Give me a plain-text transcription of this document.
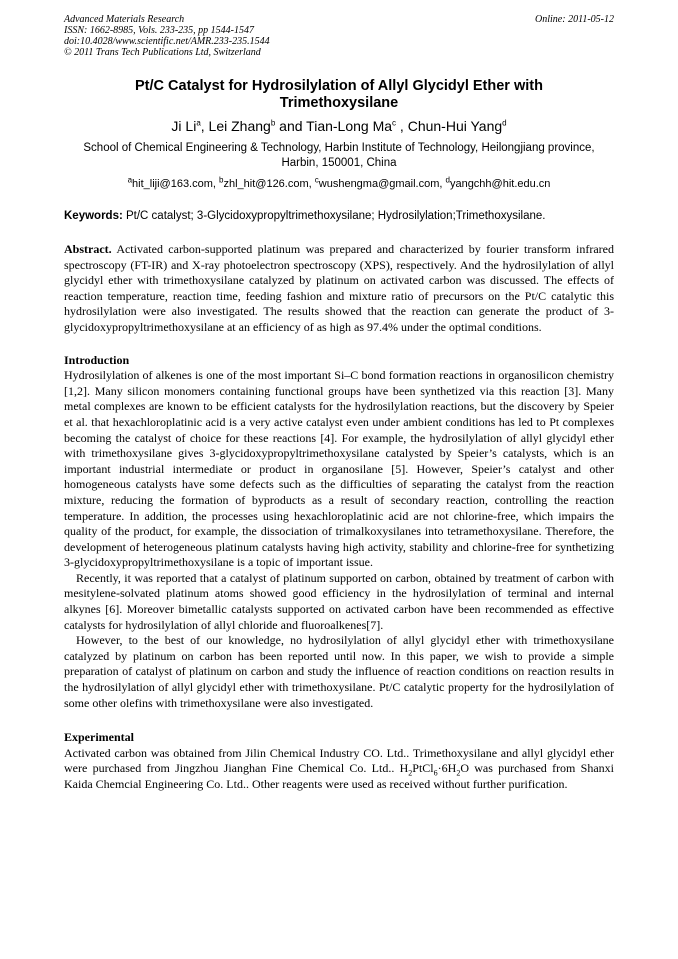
Advanced Materials Research
ISSN: 1662-8985, Vols. 233-235, pp 1544-1547
doi:10.4028/www.scientific.net/AMR.233-235.1544
© 2011 Trans Tech Publications Ltd, Switzerland
Online: 2011-05-12
Pt/C Catalyst for Hydrosilylation of Allyl Glycidyl Ether with
Trimethoxysilane
Ji Li$^a$, Lei Zhang$^b$ and Tian-Long Ma$^c$ , Chun-Hui Yang$^d$
School of Chemical Engineering & Technology, Harbin Institute of Technology, Heilongjiang province, Harbin, 150001, China
$^a$hit_liji@163.com, $^b$zhl_hit@126.com, $^c$wushengma@gmail.com, $^d$yangchh@hit.edu.cn
Keywords: Pt/C catalyst; 3-Glycidoxypropyltrimethoxysilane; Hydrosilylation;Trimethoxysilane.

Abstract. Activated carbon-supported platinum was prepared and characterized by fourier transform infrared spectroscopy (FT-IR) and X-ray photoelectron spectroscopy (XPS), respectively. And the hydrosilylation of allyl glycidyl ether with trimethoxysilane catalyzed by platinum on activated carbon was discussed. The effects of reaction temperature, reaction time, feeding fashion and mixture ratio of precursors on the Pt/C catalytic this hydrosilylation were also investigated. The results showed that the reaction can generate the product of 3-glycidoxypropyltrimethoxysilane at an efficiency of as high as 97.4% under the optimal conditions.

Introduction

Hydrosilylation of alkenes is one of the most important Si–C bond formation reactions in organosilicon chemistry [1,2]. Many silicon monomers containing functional groups have been synthetized via this reaction [3]. Many metal complexes are known to be efficient catalysts for the hydrosilylation reactions, but the discovery by Speier et al. that hexachloroplatinic acid is a very active catalyst even under ambient conditions has led to Pt complexes becoming the catalyst of choice for these reactions [4]. For example, the hydrosilylation of allyl glycidyl ether with trimethoxysilane gives 3-glycidoxypropyltrimethoxysilane catalysted by Speier’s catalysts, which is an important industrial intermediate or product in organosilane [5]. However, Speier’s catalyst and other homogeneous catalysts have some defects such as the difficulties of separating the catalyst from the reaction mixture, reducing the formation of byproducts as a result of secondary reaction, controlling the reaction temperature. In addition, the processes using hexachloroplatinic acid are not chlorine-free, which impairs the quality of the product, for example, the dissociation of trimalkoxysilanes into tetramethoxysilane. Therefore, the development of heterogeneous platinum catalysts having high activity, stability and chlorine-free for synthetizing 3-glycidoxypropyltrimethoxysilane is a topic of important issue.

Recently, it was reported that a catalyst of platinum supported on carbon, obtained by treatment of carbon with mesitylene-solvated platinum atoms showed good efficiency in the hydrosilylation of terminal and internal alkynes [6]. Moreover bimetallic catalysts supported on activated carbon have been recommended as effective catalysts for hydrosilylation of allyl chloride and fluoroalkenes[7].

However, to the best of our knowledge, no hydrosilylation of allyl glycidyl ether with trimethoxysilane catalyzed by platinum on carbon has been reported until now. In this paper, we wish to provide a simple preparation of catalyst of platinum on carbon and study the influence of reaction conditions on reaction results in the hydrosilylation of allyl glycidyl ether with trimethoxysilane. Pt/C catalytic property for the hydrosilylation of some other olefins with trimethoxysilane were also investigated.

Experimental

Activated carbon was obtained from Jilin Chemical Industry CO. Ltd.. Trimethoxysilane and allyl glycidyl ether were purchased from Jingzhou Jianghan Fine Chemical Co. Ltd.. $H_2PtCl_6\cdot 6H_2O$ was purchased from Shanxi Kaida Chemcial Engineering Co. Ltd.. Other reagents were used as received without further purification.
